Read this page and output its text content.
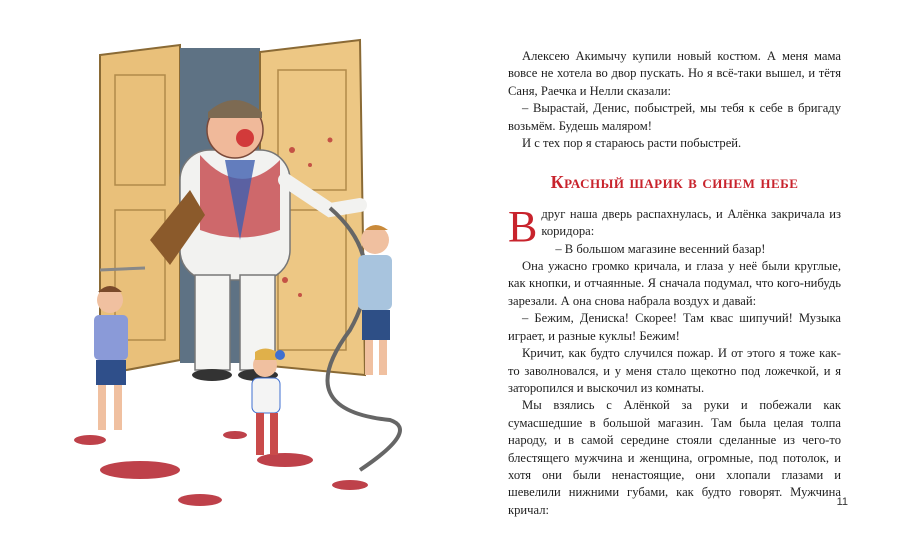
Алексею Акимычу купили новый костюм. А меня мама вовсе не хотела во двор пускать. Но я всё-таки вышел, и тётя Саня, Раечка и Нелли сказали:

– Вырастай, Денис, побыстрей, мы тебя к себе в бригаду возьмём. Будешь маляром!

И с тех пор я стараюсь расти побыстрей.

Красный шарик в синем небе

Вдруг наша дверь распахнулась, и Алёнка закричала из коридора:

– В большом магазине весенний базар!

Она ужасно громко кричала, и глаза у неё были круглые, как кнопки, и отчаянные. Я сначала подумал, что кого-нибудь зарезали. А она снова набрала воздух и давай:

– Бежим, Дениска! Скорее! Там квас шипучий! Музыка играет, и разные куклы! Бежим!

Кричит, как будто случился пожар. И от этого я тоже как-то заволновался, и у меня стало щекотно под ложечкой, и я заторопился и выскочил из комнаты.

Мы взялись с Алёнкой за руки и побежали как сумасшедшие в большой магазин. Там была целая толпа народу, и в самой середине стояли сделанные из чего-то блестящего мужчина и женщина, огромные, под потолок, и хотя они были ненастоящие, они хлопали глазами и шевелили нижними губами, как будто говорят. Мужчина кричал:

11
